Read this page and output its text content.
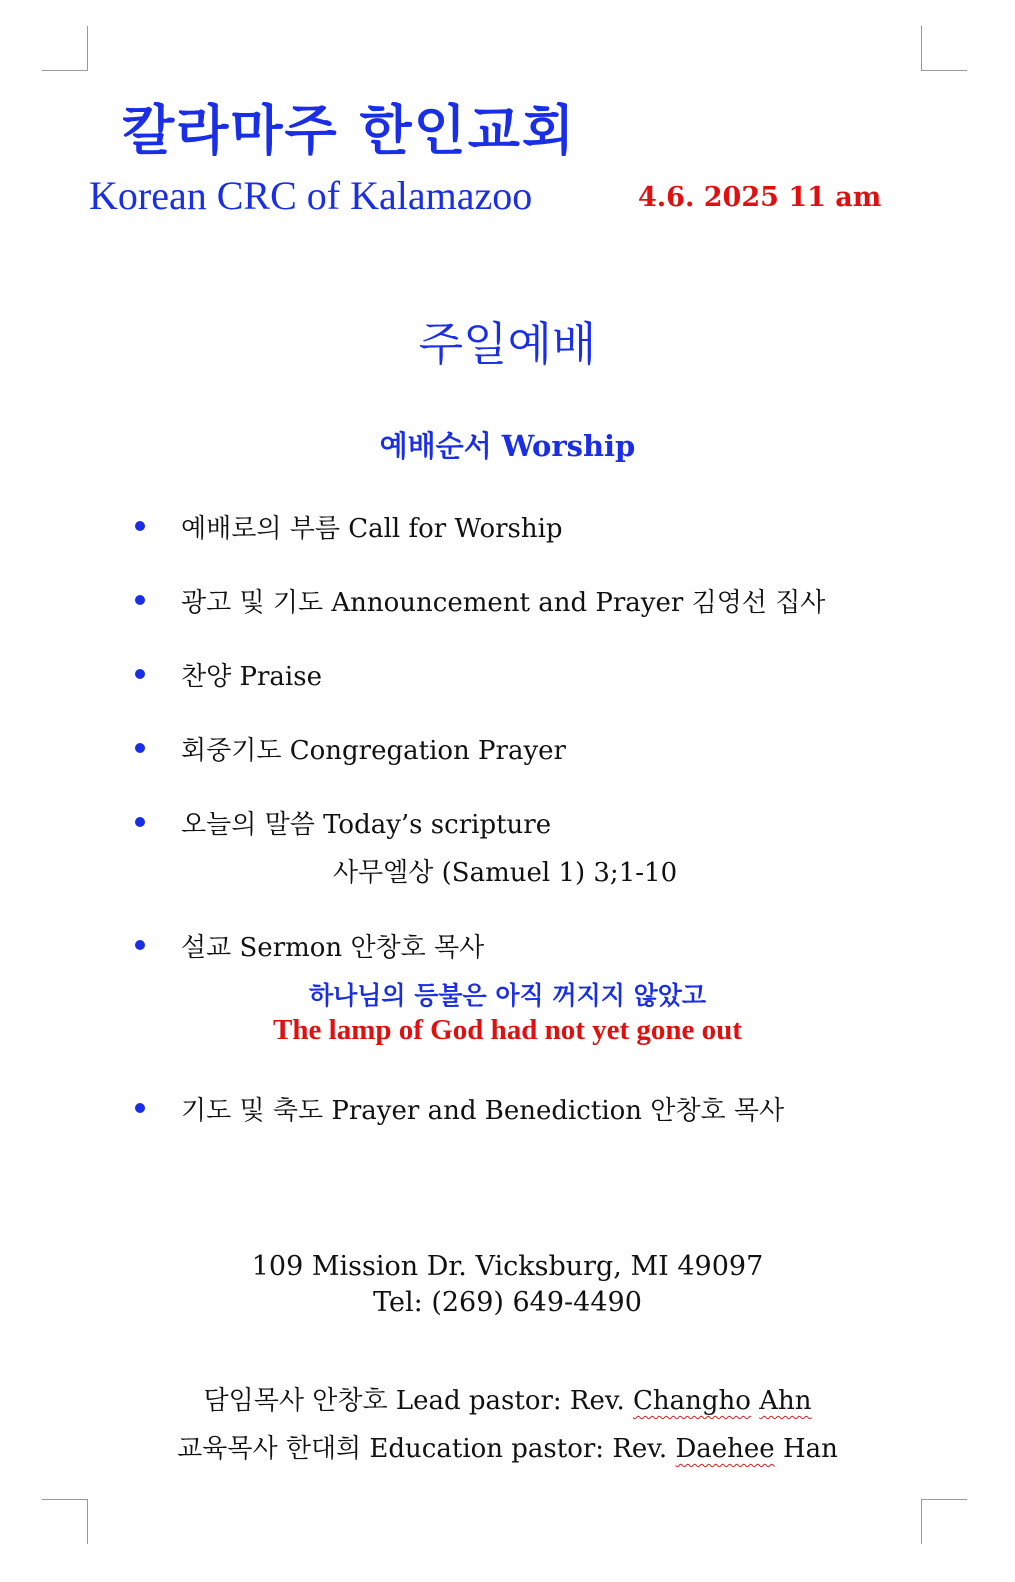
칼라마주 한인교회
Korean CRC of Kalamazoo	4.6. 2025 11 am
주일예배
예배순서 Worship
예배로의 부름 Call for Worship
광고 및 기도 Announcement and Prayer 김영선 집사
찬양 Praise
회중기도 Congregation Prayer
오늘의 말씀 Today’s scripture
사무엘상 (Samuel 1) 3;1-10
설교 Sermon 안창호 목사
하나님의 등불은 아직 꺼지지 않았고
The lamp of God had not yet gone out
기도 및 축도 Prayer and Benediction 안창호 목사
109 Mission Dr. Vicksburg, MI 49097
Tel: (269) 649-4490
담임목사 안창호 Lead pastor: Rev. Changho Ahn
교육목사 한대희 Education pastor: Rev. Daehee Han
